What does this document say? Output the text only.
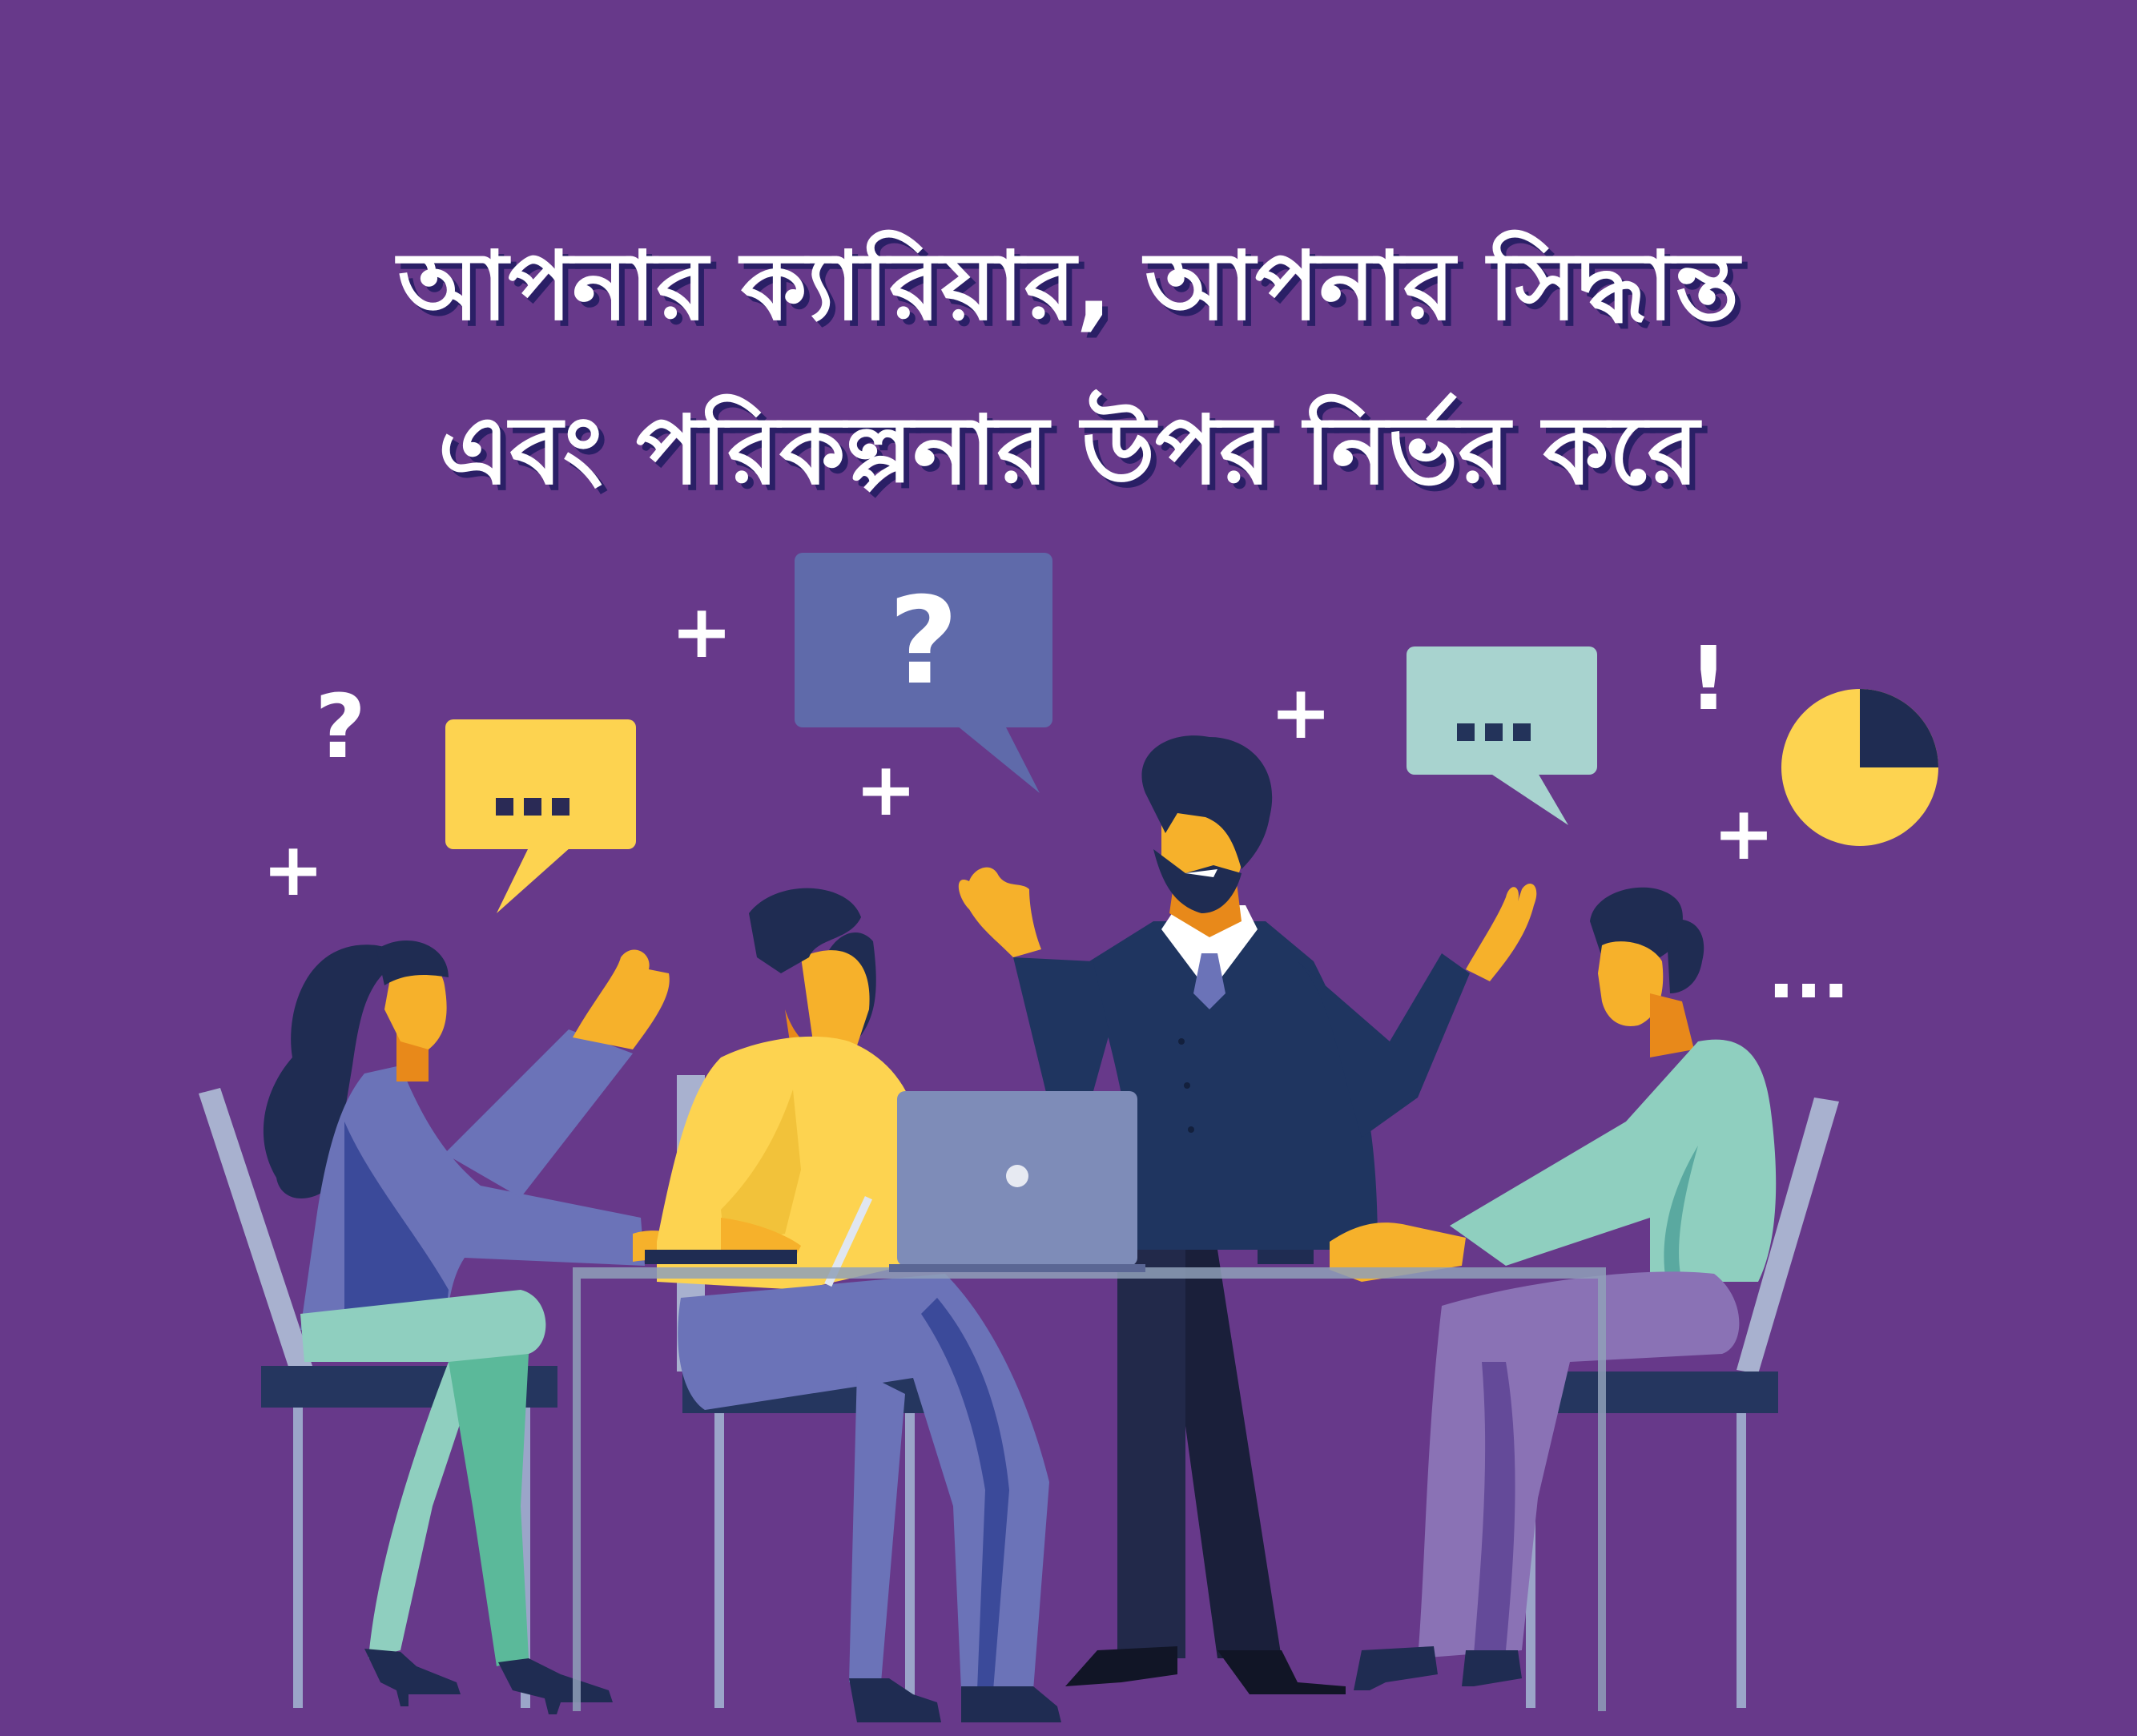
আপনার ক্যারিয়ার, আপনার সিদ্ধান্ত
এবং পরিকল্পনার উপর নির্ভর করে
?	!
...
+
+
+
+
+
?
